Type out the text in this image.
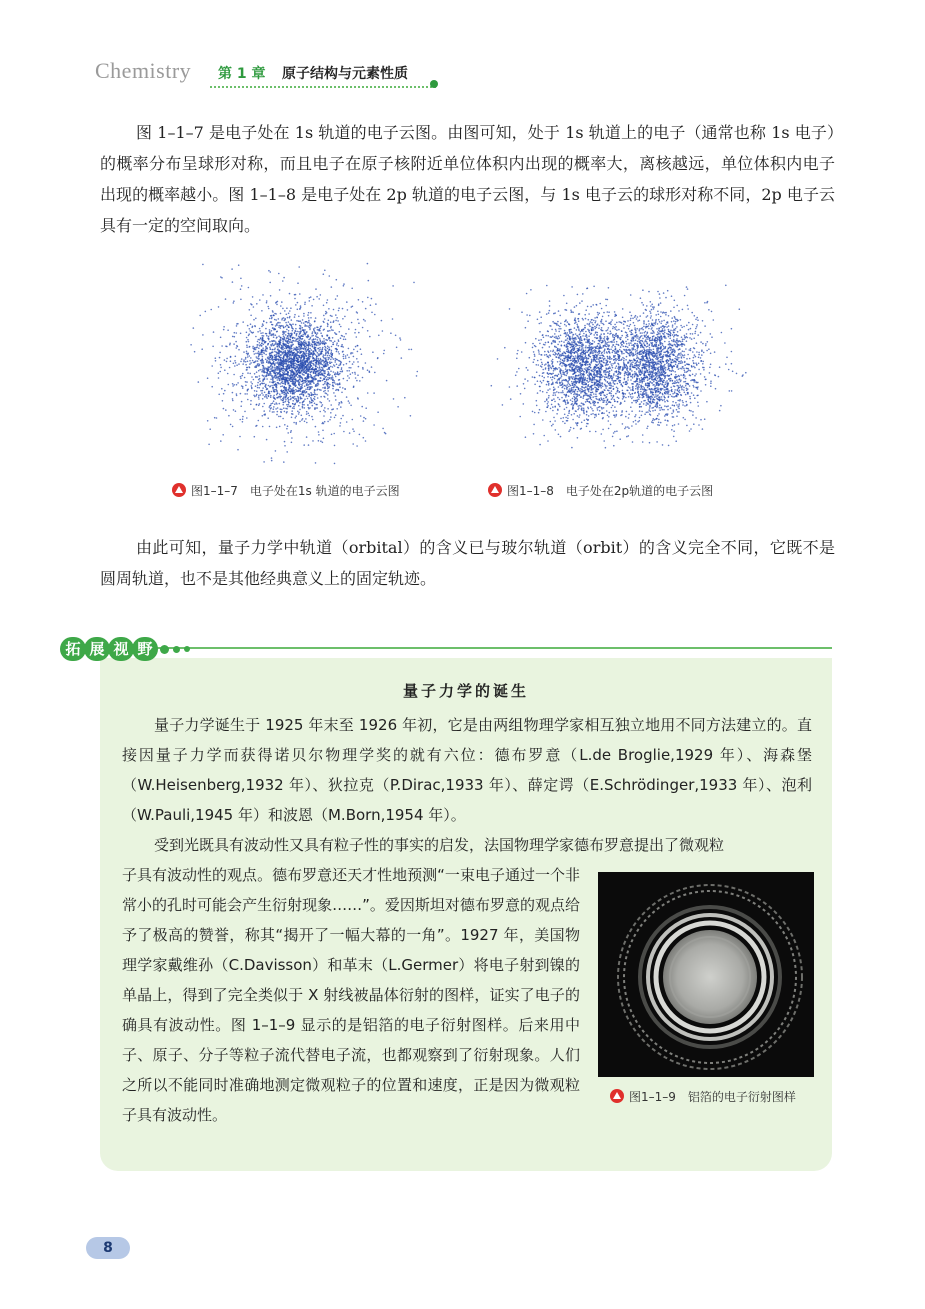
Chemistry 第 1 章 原子结构与元素性质

图 1–1–7 是电子处在 1s 轨道的电子云图。由图可知，处于 1s 轨道上的电子（通常也称 1s 电子）的概率分布呈球形对称，而且电子在原子核附近单位体积内出现的概率大，离核越远，单位体积内电子出现的概率越小。图 1–1–8 是电子处在 2p 轨道的电子云图，与 1s 电子云的球形对称不同，2p 电子云具有一定的空间取向。

图1–1–7　电子处在1s 轨道的电子云图	图1–1–8　电子处在2p轨道的电子云图

由此可知，量子力学中轨道（orbital）的含义已与玻尔轨道（orbit）的含义完全不同，它既不是圆周轨道，也不是其他经典意义上的固定轨迹。

拓 展 视 野
量子力学的诞生

量子力学诞生于 1925 年末至 1926 年初，它是由两组物理学家相互独立地用不同方法建立的。直接因量子力学而获得诺贝尔物理学奖的就有六位：德布罗意（L.de Broglie,1929 年）、海森堡（W.Heisenberg,1932 年）、狄拉克（P.Dirac,1933 年）、薛定谔（E.Schrödinger,1933 年）、泡利（W.Pauli,1945 年）和波恩（M.Born,1954 年）。

受到光既具有波动性又具有粒子性的事实的启发，法国物理学家德布罗意提出了微观粒

子具有波动性的观点。德布罗意还天才性地预测“一束电子通过一个非常小的孔时可能会产生衍射现象……”。爱因斯坦对德布罗意的观点给予了极高的赞誉，称其“揭开了一幅大幕的一角”。1927 年，美国物理学家戴维孙（C.Davisson）和革末（L.Germer）将电子射到镍的单晶上，得到了完全类似于 X 射线被晶体衍射的图样，证实了电子的确具有波动性。图 1–1–9 显示的是铝箔的电子衍射图样。后来用中子、原子、分子等粒子流代替电子流，也都观察到了衍射现象。人们之所以不能同时准确地测定微观粒子的位置和速度，正是因为微观粒子具有波动性。

图1–1–9　铝箔的电子衍射图样
8
